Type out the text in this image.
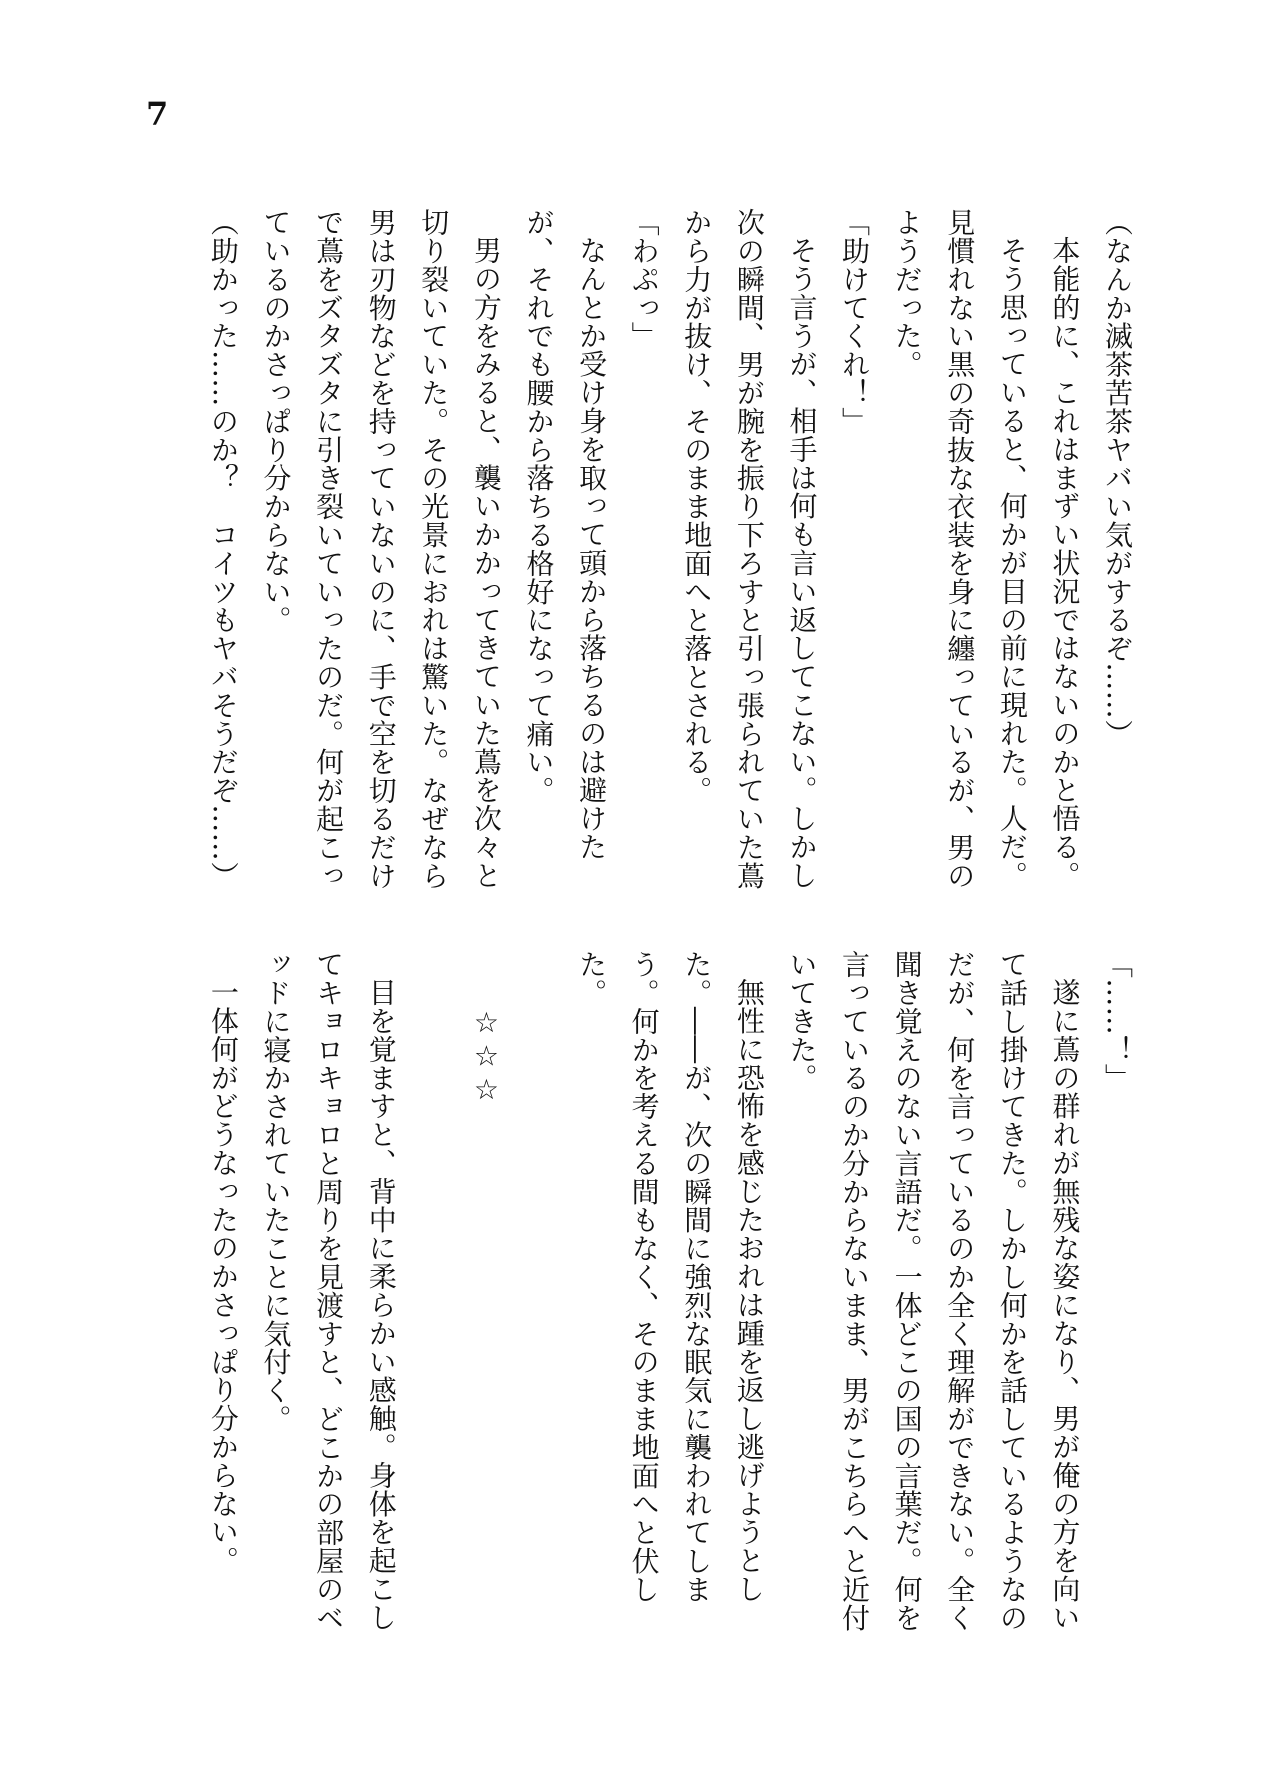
7
（なんか滅茶苦茶ヤバい気がするぞ……）
本能的に、これはまずい状況ではないのかと悟る。
そう思っていると、何かが目の前に現れた。人だ。
見慣れない黒の奇抜な衣装を身に纏っているが、男の
ようだった。
「助けてくれ！」
そう言うが、相手は何も言い返してこない。しかし
次の瞬間、男が腕を振り下ろすと引っ張られていた蔦
から力が抜け、そのまま地面へと落とされる。
「わぷっ」
なんとか受け身を取って頭から落ちるのは避けた
が、それでも腰から落ちる格好になって痛い。
男の方をみると、襲いかかってきていた蔦を次々と
切り裂いていた。その光景におれは驚いた。なぜなら
男は刃物などを持っていないのに、手で空を切るだけ
で蔦をズタズタに引き裂いていったのだ。何が起こっ
ているのかさっぱり分からない。
（助かった……のか？　コイツもヤバそうだぞ……）
「……！」
遂に蔦の群れが無残な姿になり、男が俺の方を向い
て話し掛けてきた。しかし何かを話しているようなの
だが、何を言っているのか全く理解ができない。全く
聞き覚えのない言語だ。一体どこの国の言葉だ。何を
言っているのか分からないまま、男がこちらへと近付
いてきた。
無性に恐怖を感じたおれは踵を返し逃げようとし
た。――が、次の瞬間に強烈な眠気に襲われてしま
う。何かを考える間もなく、そのまま地面へと伏し
た。
☆☆☆
目を覚ますと、背中に柔らかい感触。身体を起こし
てキョロキョロと周りを見渡すと、どこかの部屋のベ
ッドに寝かされていたことに気付く。
一体何がどうなったのかさっぱり分からない。
